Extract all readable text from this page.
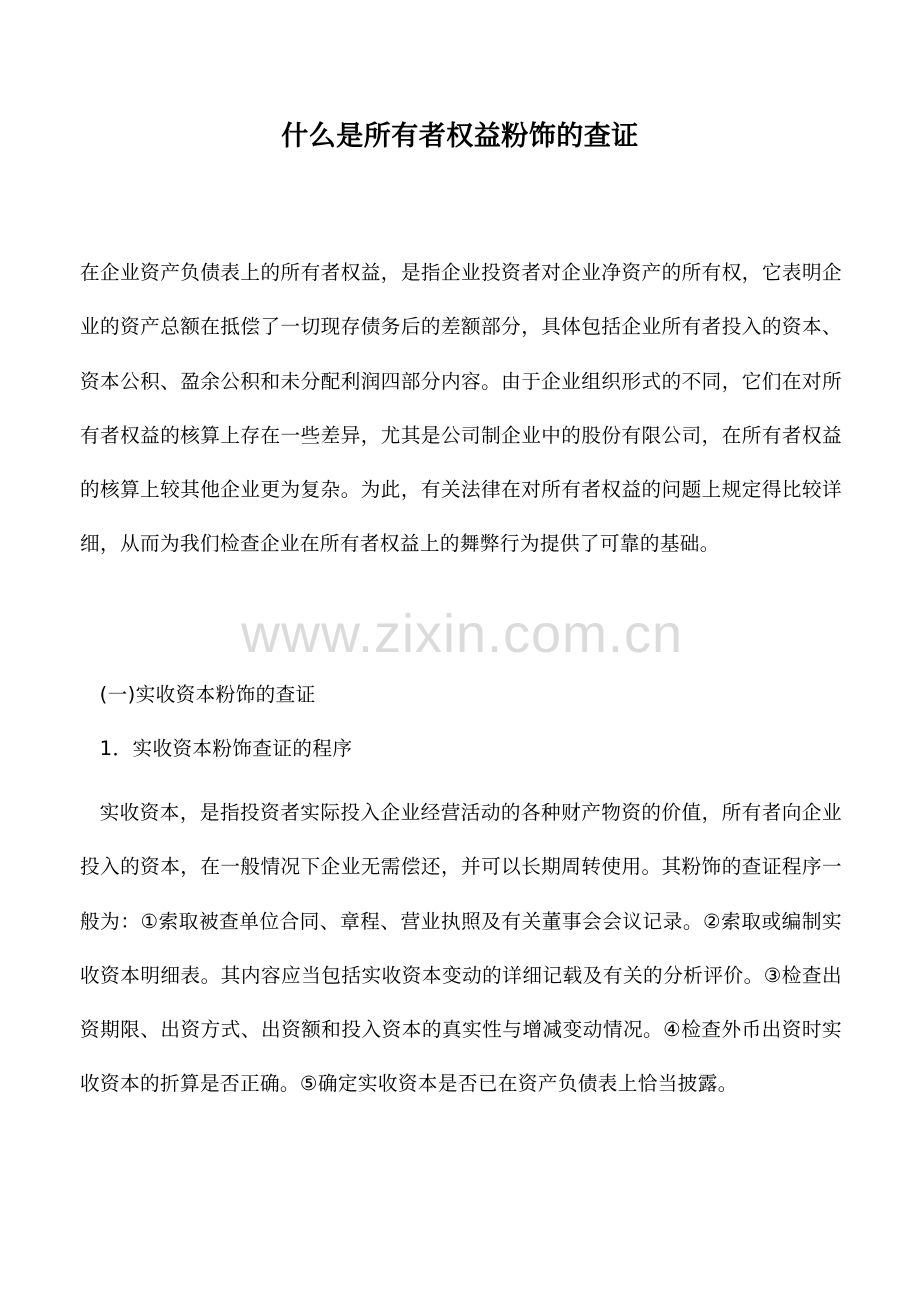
什么是所有者权益粉饰的查证

在企业资产负债表上的所有者权益，是指企业投资者对企业净资产的所有权，它表明企业的资产总额在抵偿了一切现存债务后的差额部分，具体包括企业所有者投入的资本、资本公积、盈余公积和未分配利润四部分内容。由于企业组织形式的不同，它们在对所有者权益的核算上存在一些差异，尤其是公司制企业中的股份有限公司，在所有者权益的核算上较其他企业更为复杂。为此，有关法律在对所有者权益的问题上规定得比较详细，从而为我们检查企业在所有者权益上的舞弊行为提供了可靠的基础。

(一)实收资本粉饰的查证

1．实收资本粉饰查证的程序

实收资本，是指投资者实际投入企业经营活动的各种财产物资的价值，所有者向企业投入的资本，在一般情况下企业无需偿还，并可以长期周转使用。其粉饰的查证程序一般为：①索取被查单位合同、章程、营业执照及有关董事会会议记录。②索取或编制实收资本明细表。其内容应当包括实收资本变动的详细记载及有关的分析评价。③检查出资期限、出资方式、出资额和投入资本的真实性与增减变动情况。④检查外币出资时实收资本的折算是否正确。⑤确定实收资本是否已在资产负债表上恰当披露。

www.zixin.com.cn
